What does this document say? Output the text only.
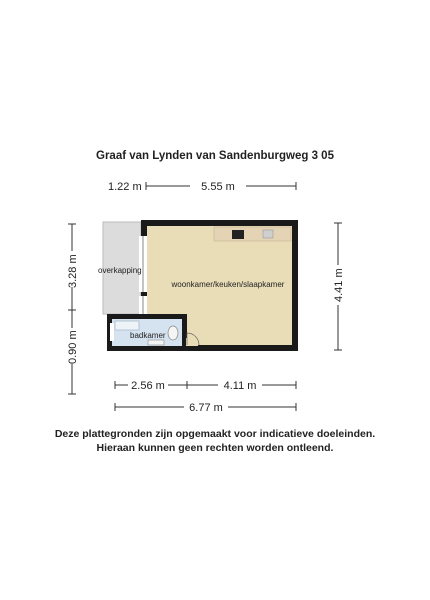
Graaf van Lynden van Sandenburgweg 3 05
1.22 m	5.55 m
3.28 m
0.90 m
4.41 m
overkapping
woonkamer/keuken/slaapkamer
badkamer
2.56 m	4.11 m
6.77 m
Deze plattegronden zijn opgemaakt voor indicatieve doeleinden.
Hieraan kunnen geen rechten worden ontleend.
